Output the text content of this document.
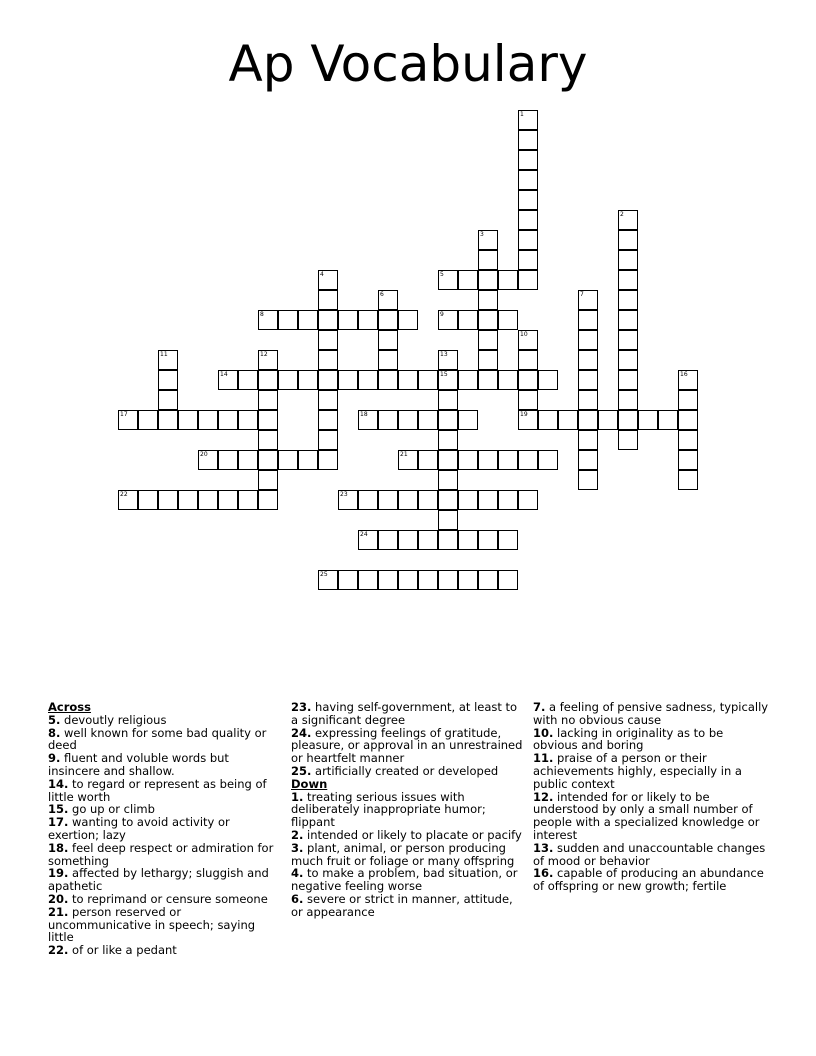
Ap Vocabulary
1
2
3
4	5
6	7
8	9
10
19
11	12	13
15
14	16
17	18
20	21
22	23
24
25
Across
5. devoutly religious
8. well known for some bad quality or deed
9. fluent and voluble words but insincere and shallow.
14. to regard or represent as being of little worth
15. go up or climb
17. wanting to avoid activity or exertion; lazy
18. feel deep respect or admiration for something
19. affected by lethargy; sluggish and apathetic
20. to reprimand or censure someone
21. person reserved or uncommunicative in speech; saying little
22. of or like a pedant
23. having self-government, at least to a significant degree
24. expressing feelings of gratitude, pleasure, or approval in an unrestrained or heartfelt manner
25. artificially created or developed
Down
1. treating serious issues with deliberately inappropriate humor; flippant
2. intended or likely to placate or pacify
3. plant, animal, or person producing much fruit or foliage or many offspring
4. to make a problem, bad situation, or negative feeling worse
6. severe or strict in manner, attitude, or appearance
7. a feeling of pensive sadness, typically with no obvious cause
10. lacking in originality as to be obvious and boring
11. praise of a person or their achievements highly, especially in a public context
12. intended for or likely to be understood by only a small number of people with a specialized knowledge or interest
13. sudden and unaccountable changes of mood or behavior
16. capable of producing an abundance of offspring or new growth; fertile
